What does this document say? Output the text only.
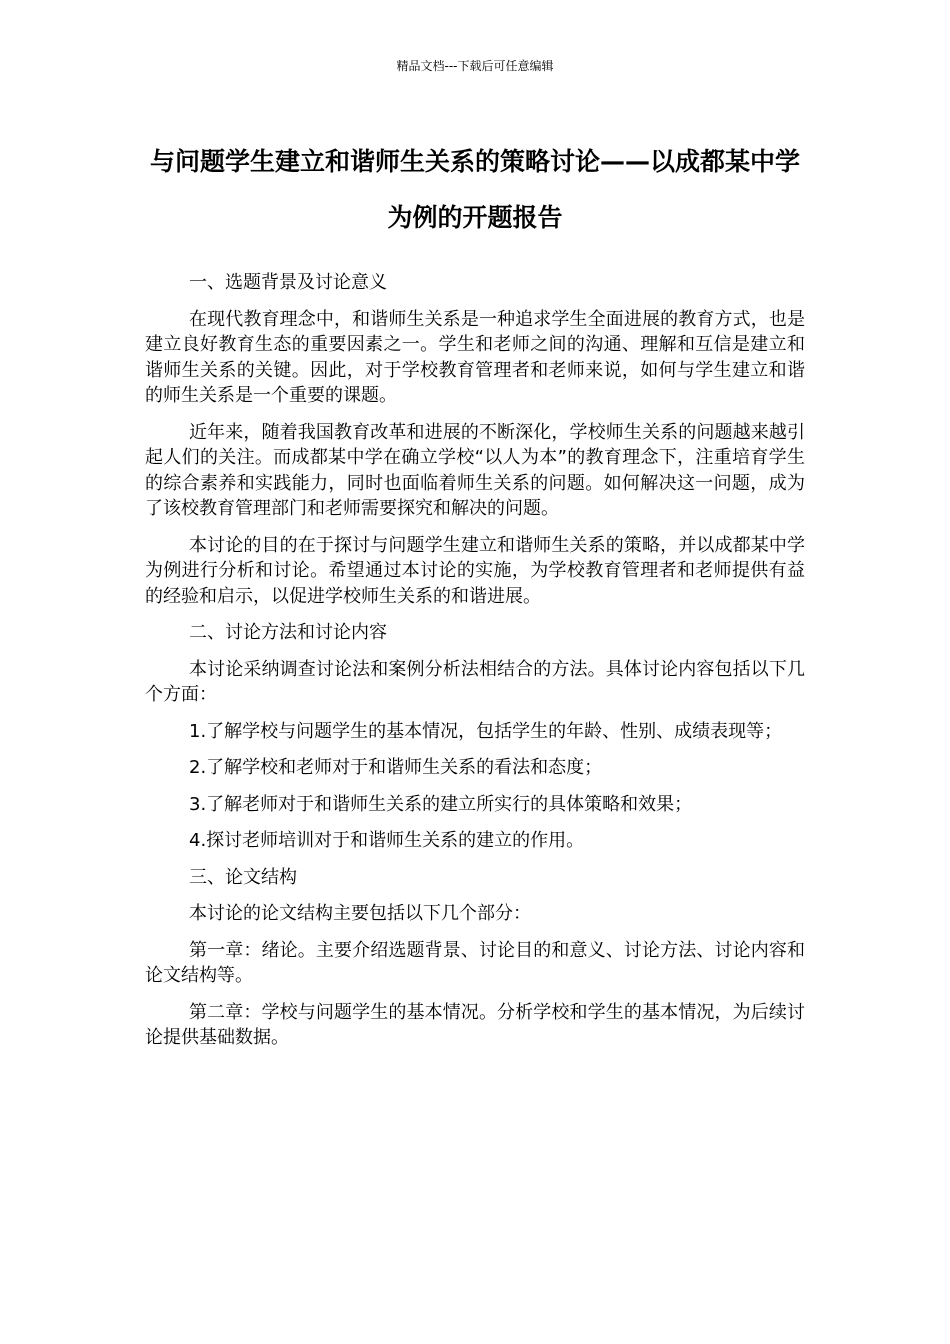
精品文档---下载后可任意编辑
与问题学生建立和谐师生关系的策略讨论——以成都某中学为例的开题报告

一、选题背景及讨论意义

在现代教育理念中，和谐师生关系是一种追求学生全面进展的教育方式，也是建立良好教育生态的重要因素之一。学生和老师之间的沟通、理解和互信是建立和谐师生关系的关键。因此，对于学校教育管理者和老师来说，如何与学生建立和谐的师生关系是一个重要的课题。

近年来，随着我国教育改革和进展的不断深化，学校师生关系的问题越来越引起人们的关注。而成都某中学在确立学校“以人为本”的教育理念下，注重培育学生的综合素养和实践能力，同时也面临着师生关系的问题。如何解决这一问题，成为了该校教育管理部门和老师需要探究和解决的问题。

本讨论的目的在于探讨与问题学生建立和谐师生关系的策略，并以成都某中学为例进行分析和讨论。希望通过本讨论的实施，为学校教育管理者和老师提供有益的经验和启示，以促进学校师生关系的和谐进展。

二、讨论方法和讨论内容

本讨论采纳调查讨论法和案例分析法相结合的方法。具体讨论内容包括以下几个方面：

1.了解学校与问题学生的基本情况，包括学生的年龄、性别、成绩表现等；

2.了解学校和老师对于和谐师生关系的看法和态度；

3.了解老师对于和谐师生关系的建立所实行的具体策略和效果；

4.探讨老师培训对于和谐师生关系的建立的作用。

三、论文结构

本讨论的论文结构主要包括以下几个部分：

第一章：绪论。主要介绍选题背景、讨论目的和意义、讨论方法、讨论内容和论文结构等。

第二章：学校与问题学生的基本情况。分析学校和学生的基本情况，为后续讨论提供基础数据。
